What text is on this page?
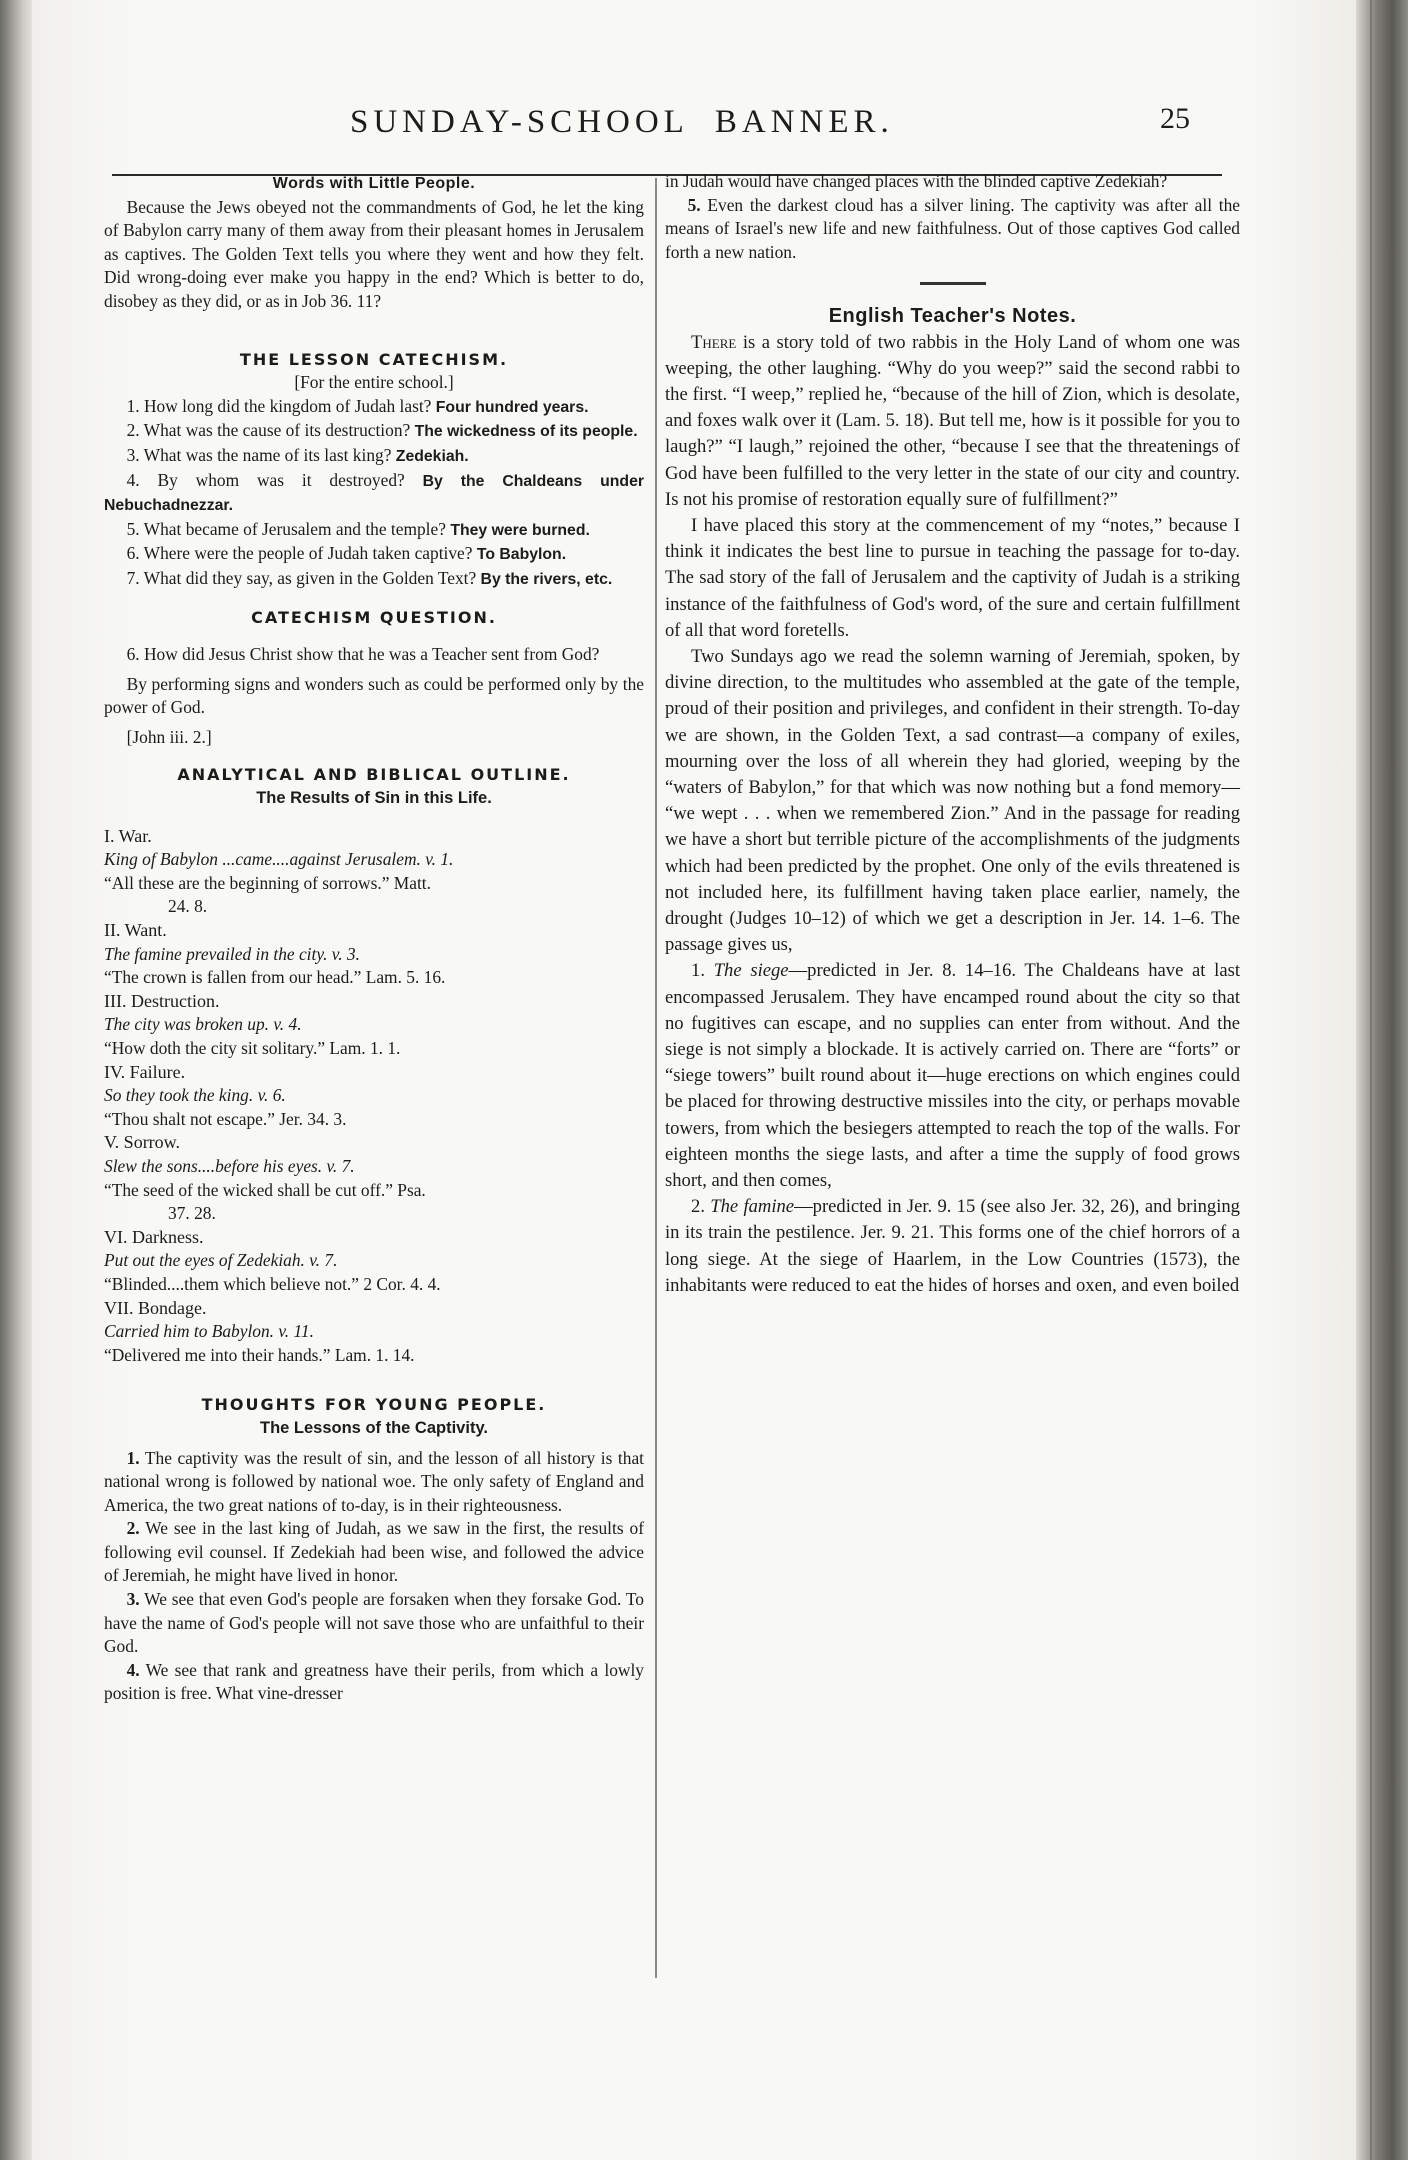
SUNDAY-SCHOOL BANNER.	25

Words with Little People.

Because the Jews obeyed not the commandments of God, he let the king of Babylon carry many of them away from their pleasant homes in Jerusalem as captives. The Golden Text tells you where they went and how they felt. Did wrong-doing ever make you happy in the end? Which is better to do, disobey as they did, or as in Job 36. 11?

THE LESSON CATECHISM.

[For the entire school.]

1. How long did the kingdom of Judah last? Four hundred years.

2. What was the cause of its destruction? The wickedness of its people.

3. What was the name of its last king? Zedekiah.

4. By whom was it destroyed? By the Chaldeans under Nebuchadnezzar.

5. What became of Jerusalem and the temple? They were burned.

6. Where were the people of Judah taken captive? To Babylon.

7. What did they say, as given in the Golden Text? By the rivers, etc.

CATECHISM QUESTION.

6. How did Jesus Christ show that he was a Teacher sent from God?

By performing signs and wonders such as could be performed only by the power of God.

[John iii. 2.]

ANALYTICAL AND BIBLICAL OUTLINE.

The Results of Sin in this Life.

I. War.

King of Babylon ...came....against Jerusalem. v. 1.

“All these are the beginning of sorrows.” Matt.

24. 8.

II. Want.

The famine prevailed in the city. v. 3.

“The crown is fallen from our head.” Lam. 5. 16.

III. Destruction.

The city was broken up. v. 4.

“How doth the city sit solitary.” Lam. 1. 1.

IV. Failure.

So they took the king. v. 6.

“Thou shalt not escape.” Jer. 34. 3.

V. Sorrow.

Slew the sons....before his eyes. v. 7.

“The seed of the wicked shall be cut off.” Psa.

37. 28.

VI. Darkness.

Put out the eyes of Zedekiah. v. 7.

“Blinded....them which believe not.” 2 Cor. 4. 4.

VII. Bondage.

Carried him to Babylon. v. 11.

“Delivered me into their hands.” Lam. 1. 14.

THOUGHTS FOR YOUNG PEOPLE.

The Lessons of the Captivity.

1. The captivity was the result of sin, and the lesson of all history is that national wrong is followed by national woe. The only safety of England and America, the two great nations of to-day, is in their righteousness.

2. We see in the last king of Judah, as we saw in the first, the results of following evil counsel. If Zedekiah had been wise, and followed the advice of Jeremiah, he might have lived in honor.

3. We see that even God's people are forsaken when they forsake God. To have the name of God's people will not save those who are unfaithful to their God.

4. We see that rank and greatness have their perils, from which a lowly position is free. What vine-dresser

in Judah would have changed places with the blinded captive Zedekiah?

5. Even the darkest cloud has a silver lining. The captivity was after all the means of Israel's new life and new faithfulness. Out of those captives God called forth a new nation.

English Teacher's Notes.

There is a story told of two rabbis in the Holy Land of whom one was weeping, the other laughing. “Why do you weep?” said the second rabbi to the first. “I weep,” replied he, “because of the hill of Zion, which is desolate, and foxes walk over it (Lam. 5. 18). But tell me, how is it possible for you to laugh?” “I laugh,” rejoined the other, “because I see that the threatenings of God have been fulfilled to the very letter in the state of our city and country. Is not his promise of restoration equally sure of fulfillment?”

I have placed this story at the commencement of my “notes,” because I think it indicates the best line to pursue in teaching the passage for to-day. The sad story of the fall of Jerusalem and the captivity of Judah is a striking instance of the faithfulness of God's word, of the sure and certain fulfillment of all that word foretells.

Two Sundays ago we read the solemn warning of Jeremiah, spoken, by divine direction, to the multitudes who assembled at the gate of the temple, proud of their position and privileges, and confident in their strength. To-day we are shown, in the Golden Text, a sad contrast—a company of exiles, mourning over the loss of all wherein they had gloried, weeping by the “waters of Babylon,” for that which was now nothing but a fond memory— “we wept . . . when we remembered Zion.” And in the passage for reading we have a short but terrible picture of the accomplishments of the judgments which had been predicted by the prophet. One only of the evils threatened is not included here, its fulfillment having taken place earlier, namely, the drought (Judges 10–12) of which we get a description in Jer. 14. 1–6. The passage gives us,

1. The siege—predicted in Jer. 8. 14–16. The Chaldeans have at last encompassed Jerusalem. They have encamped round about the city so that no fugitives can escape, and no supplies can enter from without. And the siege is not simply a blockade. It is actively carried on. There are “forts” or “siege towers” built round about it—huge erections on which engines could be placed for throwing destructive missiles into the city, or perhaps movable towers, from which the besiegers attempted to reach the top of the walls. For eighteen months the siege lasts, and after a time the supply of food grows short, and then comes,

2. The famine—predicted in Jer. 9. 15 (see also Jer. 32, 26), and bringing in its train the pestilence. Jer. 9. 21. This forms one of the chief horrors of a long siege. At the siege of Haarlem, in the Low Countries (1573), the inhabitants were reduced to eat the hides of horses and oxen, and even boiled
